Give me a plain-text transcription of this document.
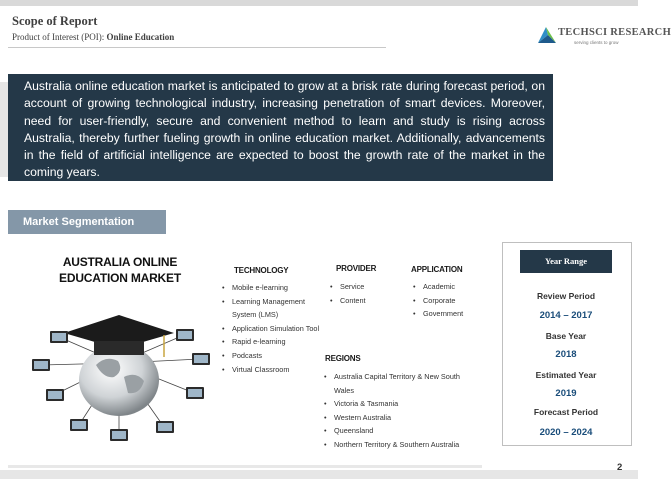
Scope of Report
Product of Interest (POI): Online Education	TECHSCI RESEARCH
serving clients to grow
Australia online education market is anticipated to grow at a brisk rate during forecast period, on account of growing technological industry, increasing penetration of smart devices. Moreover, need for user-friendly, secure and convenient method to learn and study is rising across Australia, thereby further fueling growth in online education market. Additionally, advancements in the field of artificial intelligence are expected to boost the growth rate of the market in the coming years.
Market Segmentation
AUSTRALIA ONLINE
EDUCATION MARKET
TECHNOLOGY
• Mobile e-learning
• Learning Management
System (LMS)
• Application Simulation Tool
• Rapid e-learning
• Podcasts
• Virtual Classroom
PROVIDER
• Service
• Content
APPLICATION
• Academic
• Corporate
• Government
REGIONS
• Australia Capital Territory & New South
Wales
• Victoria & Tasmania
• Western Australia
• Queensland
• Northern Territory & Southern Australia
Year Range
Review Period
2014 – 2017
Base Year
2018
Estimated Year
2019
Forecast Period
2020 – 2024
2
